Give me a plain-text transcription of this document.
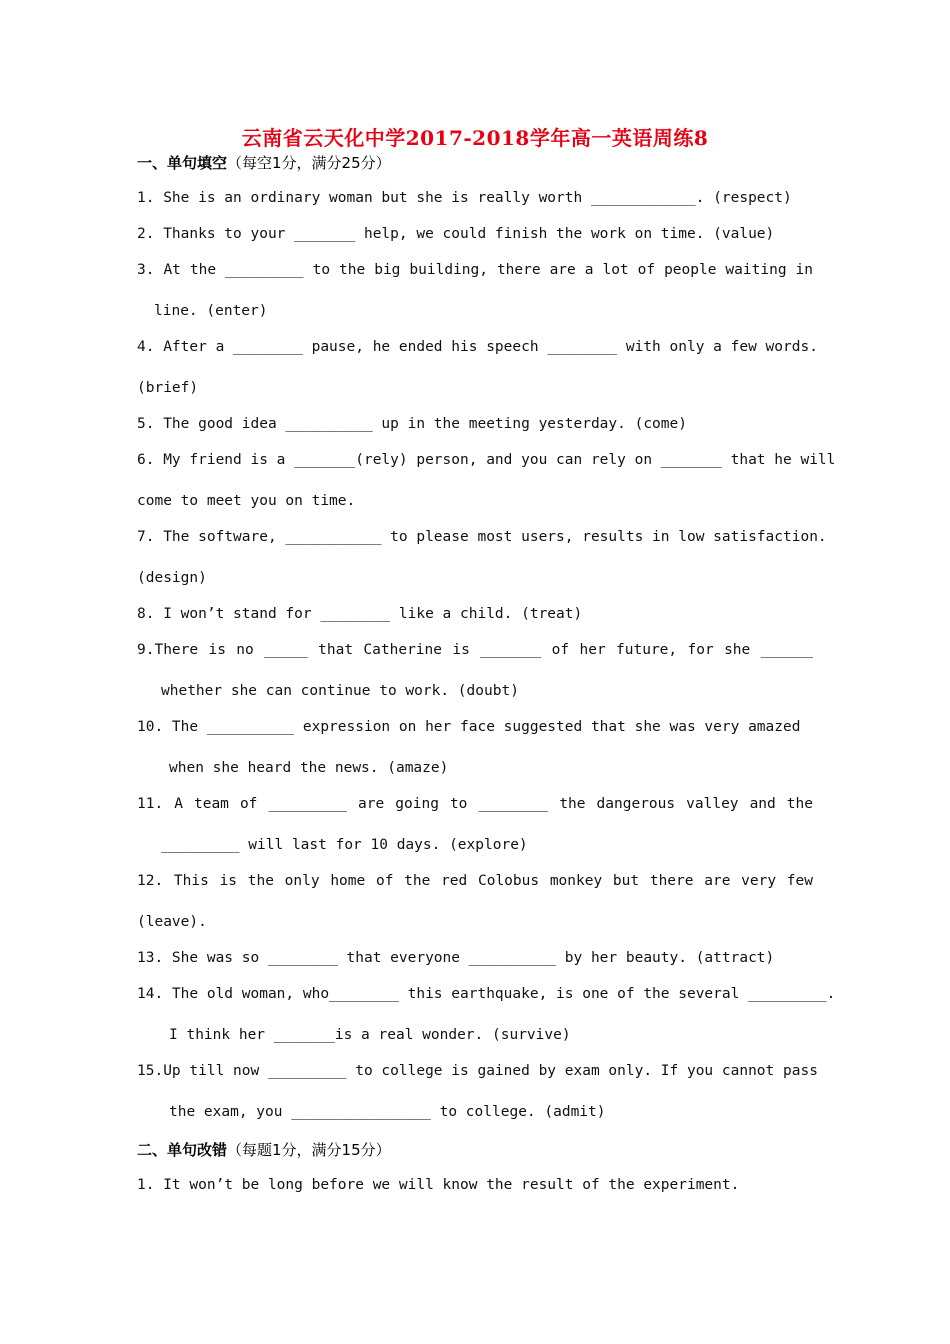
云南省云天化中学2017-2018学年高一英语周练8
一、单句填空（每空1分，满分25分）
1. She is an ordinary woman but she is really worth ____________. (respect)
2. Thanks to your _______ help, we could finish the work on time. (value)
3. At the _________ to the big building, there are a lot of people waiting in
line. (enter)
4. After a ________ pause, he ended his speech ________ with only a few words.
(brief)
5. The good idea __________ up in the meeting yesterday. (come)
6. My friend is a _______(rely) person, and you can rely on _______ that he will
come to meet you on time.
7. The software, ___________ to please most users, results in low satisfaction.
(design)
8. I won’t stand for ________ like a child. (treat)
9.There is no _____ that Catherine is _______ of her future, for she ______
whether she can continue to work. (doubt)
10. The __________ expression on her face suggested that she was very amazed
when she heard the news. (amaze)
11. A team of _________ are going to ________ the dangerous valley and the
_________ will last for 10 days. (explore)
12. This is the only home of the red Colobus monkey but there are very few
(leave).
13. She was so ________ that everyone __________ by her beauty. (attract)
14. The old woman, who________ this earthquake, is one of the several _________.
I think her _______is a real wonder. (survive)
15.Up till now _________ to college is gained by exam only. If you cannot pass
the exam, you ________________ to college. (admit)
1. It won’t be long before we will know the result of the experiment.
二、单句改错（每题1分，满分15分）
